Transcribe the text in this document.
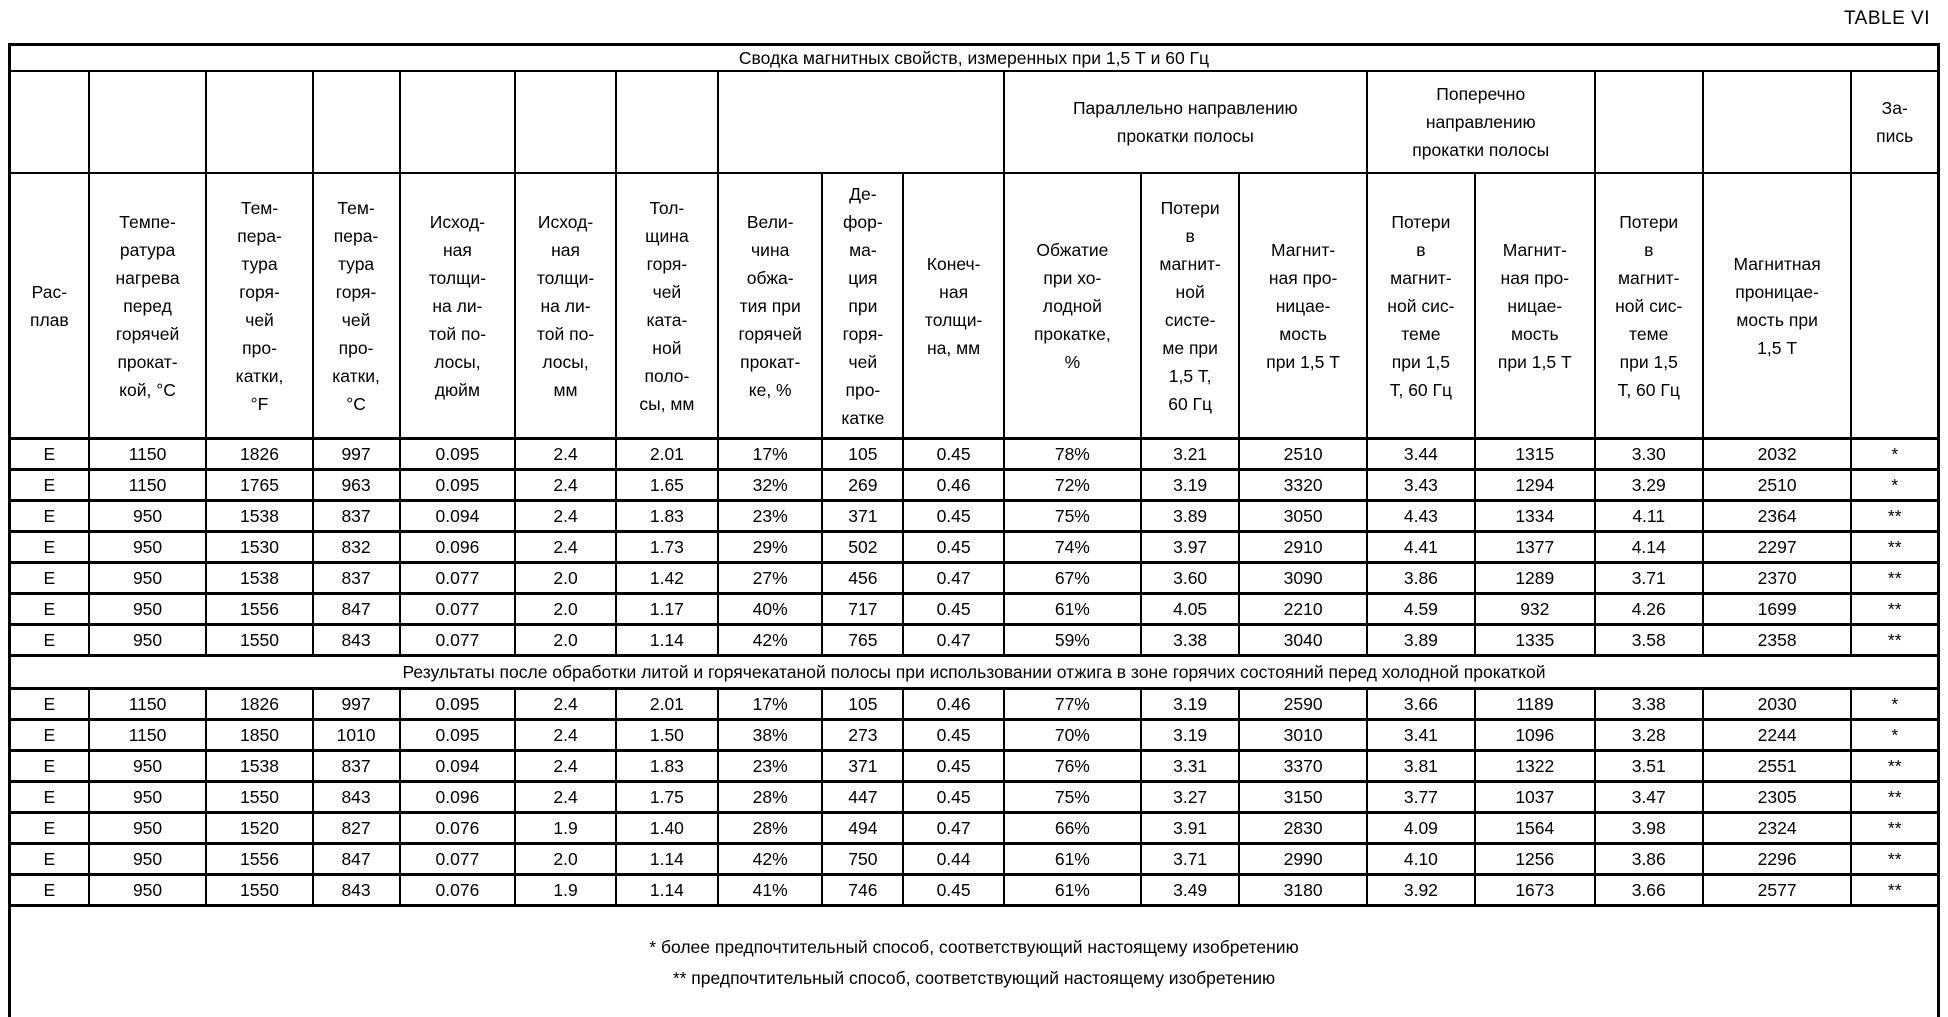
TABLE VI
Сводка магнитных свойств, измеренных при 1,5 Т и 60 Гц																	
										Параллельно направлению
прокатки полосы			Поперечно
направлению
прокатки полосы				За-
пись
Рас-
плав	Темпе-
ратура
нагрева
перед
горячей
прокат-
кой, °C	Тем-
пера-
тура
горя-
чей
про-
катки,
°F	Тем-
пера-
тура
горя-
чей
про-
катки,
°C	Исход-
ная
толщи-
на ли-
той по-
лосы,
дюйм	Исход-
ная
толщи-
на ли-
той по-
лосы,
мм	Тол-
щина
горя-
чей
ката-
ной
поло-
сы, мм	Вели-
чина
обжа-
тия при
горячей
прокат-
ке, %	Де-
фор-
ма-
ция
при
горя-
чей
про-
катке	Конеч-
ная
толщи-
на, мм	Обжатие
при хо-
лодной
прокатке,
%	Потери
в
магнит-
ной
систе-
ме при
1,5 Т,
60 Гц	Магнит-
ная про-
ницае-
мость
при 1,5 Т	Потери
в
магнит-
ной сис-
теме
при 1,5
Т, 60 Гц	Магнит-
ная про-
ницае-
мость
при 1,5 Т	Потери
в
магнит-
ной сис-
теме
при 1,5
Т, 60 Гц	Магнитная
проницае-
мость при
1,5 Т	
E	1150	1826	997	0.095	2.4	2.01	17%	105	0.45	78%	3.21	2510	3.44	1315	3.30	2032	*
E	1150	1765	963	0.095	2.4	1.65	32%	269	0.46	72%	3.19	3320	3.43	1294	3.29	2510	*
E	950	1538	837	0.094	2.4	1.83	23%	371	0.45	75%	3.89	3050	4.43	1334	4.11	2364	**
E	950	1530	832	0.096	2.4	1.73	29%	502	0.45	74%	3.97	2910	4.41	1377	4.14	2297	**
E	950	1538	837	0.077	2.0	1.42	27%	456	0.47	67%	3.60	3090	3.86	1289	3.71	2370	**
E	950	1556	847	0.077	2.0	1.17	40%	717	0.45	61%	4.05	2210	4.59	932	4.26	1699	**
E	950	1550	843	0.077	2.0	1.14	42%	765	0.47	59%	3.38	3040	3.89	1335	3.58	2358	**
Результаты после обработки литой и горячекатаной полосы при использовании отжига в зоне горячих состояний перед холодной прокаткой																	
E	1150	1826	997	0.095	2.4	2.01	17%	105	0.46	77%	3.19	2590	3.66	1189	3.38	2030	*
E	1150	1850	1010	0.095	2.4	1.50	38%	273	0.45	70%	3.19	3010	3.41	1096	3.28	2244	*
E	950	1538	837	0.094	2.4	1.83	23%	371	0.45	76%	3.31	3370	3.81	1322	3.51	2551	**
E	950	1550	843	0.096	2.4	1.75	28%	447	0.45	75%	3.27	3150	3.77	1037	3.47	2305	**
E	950	1520	827	0.076	1.9	1.40	28%	494	0.47	66%	3.91	2830	4.09	1564	3.98	2324	**
E	950	1556	847	0.077	2.0	1.14	42%	750	0.44	61%	3.71	2990	4.10	1256	3.86	2296	**
E	950	1550	843	0.076	1.9	1.14	41%	746	0.45	61%	3.49	3180	3.92	1673	3.66	2577	**

* более предпочтительный способ, соответствующий настоящему изобретению
** предпочтительный способ, соответствующий настоящему изобретению																	
